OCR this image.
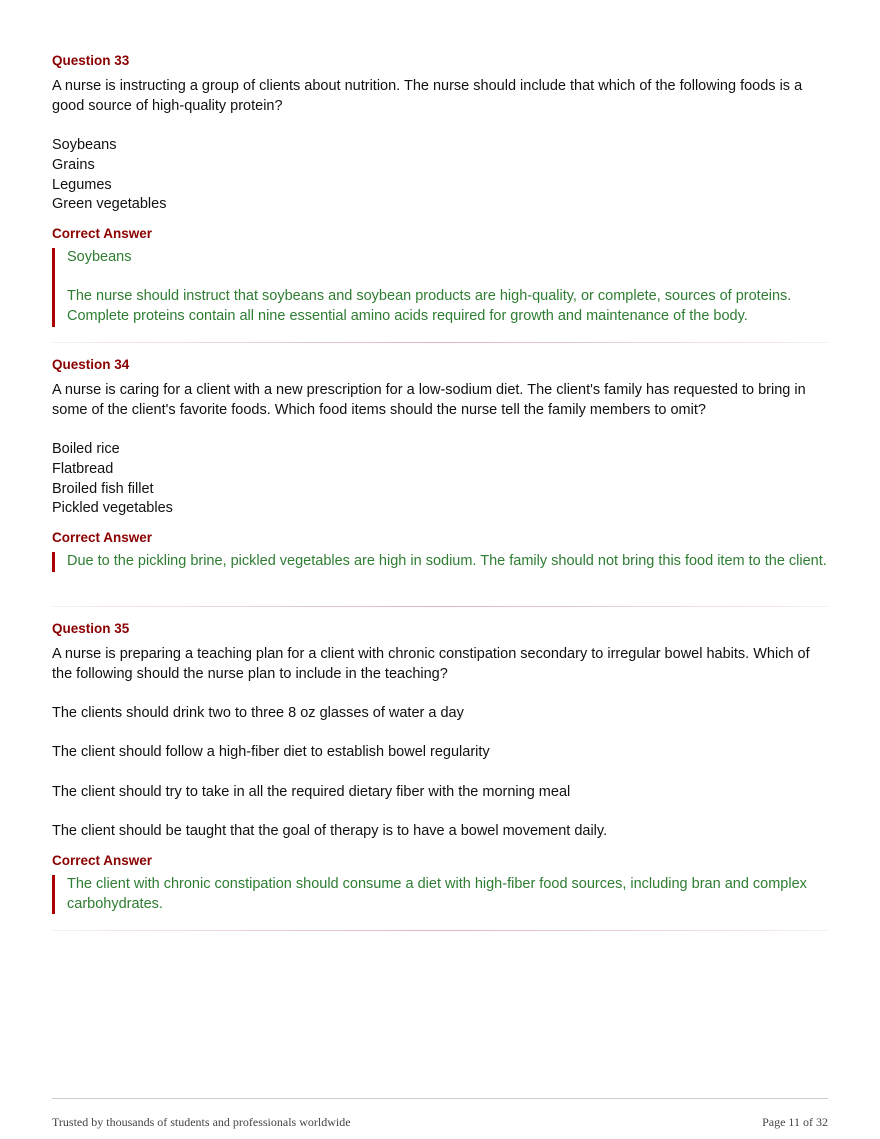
Question 33

A nurse is instructing a group of clients about nutrition. The nurse should include that which of the following foods is a good source of high-quality protein?

Soybeans
Grains
Legumes
Green vegetables
Correct Answer

Soybeans

The nurse should instruct that soybeans and soybean products are high-quality, or complete, sources of proteins. Complete proteins contain all nine essential amino acids required for growth and maintenance of the body.

Question 34

A nurse is caring for a client with a new prescription for a low-sodium diet. The client's family has requested to bring in some of the client's favorite foods. Which food items should the nurse tell the family members to omit?

Boiled rice
Flatbread
Broiled fish fillet
Pickled vegetables
Correct Answer

Due to the pickling brine, pickled vegetables are high in sodium. The family should not bring this food item to the client.

Question 35

A nurse is preparing a teaching plan for a client with chronic constipation secondary to irregular bowel habits. Which of the following should the nurse plan to include in the teaching?

The clients should drink two to three 8 oz glasses of water a day
The client should follow a high-fiber diet to establish bowel regularity
The client should try to take in all the required dietary fiber with the morning meal
The client should be taught that the goal of therapy is to have a bowel movement daily.
Correct Answer

The client with chronic constipation should consume a diet with high-fiber food sources, including bran and complex carbohydrates.

Trusted by thousands of students and professionals worldwide	Page 11 of 32
